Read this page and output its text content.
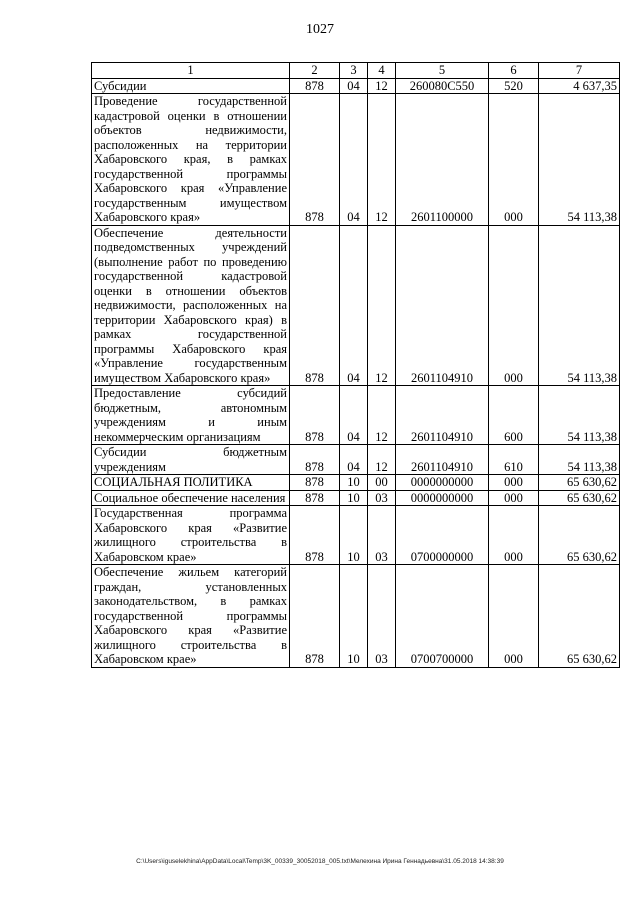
1027
1	2	3	4	5	6	7
Субсидии	878	04	12	260080С550	520	4 637,35
Проведение государственной кадастровой оценки в отношении объектов недвижимости, расположенных на территории Хабаровского края, в рамках государственной программы Хабаровского края «Управление государственным имуществом Хабаровского края»	878	04	12	2601100000	000	54 113,38
Обеспечение деятельности подведомственных учреждений (выполнение работ по проведению государственной кадастровой оценки в отношении объектов недвижимости, расположенных на территории Хабаровского края) в рамках государственной программы Хабаровского края «Управление государственным имуществом Хабаровского края»	878	04	12	2601104910	000	54 113,38
Предоставление субсидий бюджетным, автономным учреждениям и иным некоммерческим организациям	878	04	12	2601104910	600	54 113,38
Субсидии бюджетным учреждениям	878	04	12	2601104910	610	54 113,38
СОЦИАЛЬНАЯ ПОЛИТИКА	878	10	00	0000000000	000	65 630,62
Социальное обеспечение населения	878	10	03	0000000000	000	65 630,62
Государственная программа Хабаровского края «Развитие жилищного строительства в Хабаровском крае»	878	10	03	0700000000	000	65 630,62
Обеспечение жильем категорий граждан, установленных законодательством, в рамках государственной программы Хабаровского края «Развитие жилищного строительства в Хабаровском крае»	878	10	03	0700700000	000	65 630,62
C:\Users\iguselekhina\AppData\Local\Temp\3K_00339_30052018_005.txt\Мелехина Ирина Геннадьевна\31.05.2018 14:38:39
